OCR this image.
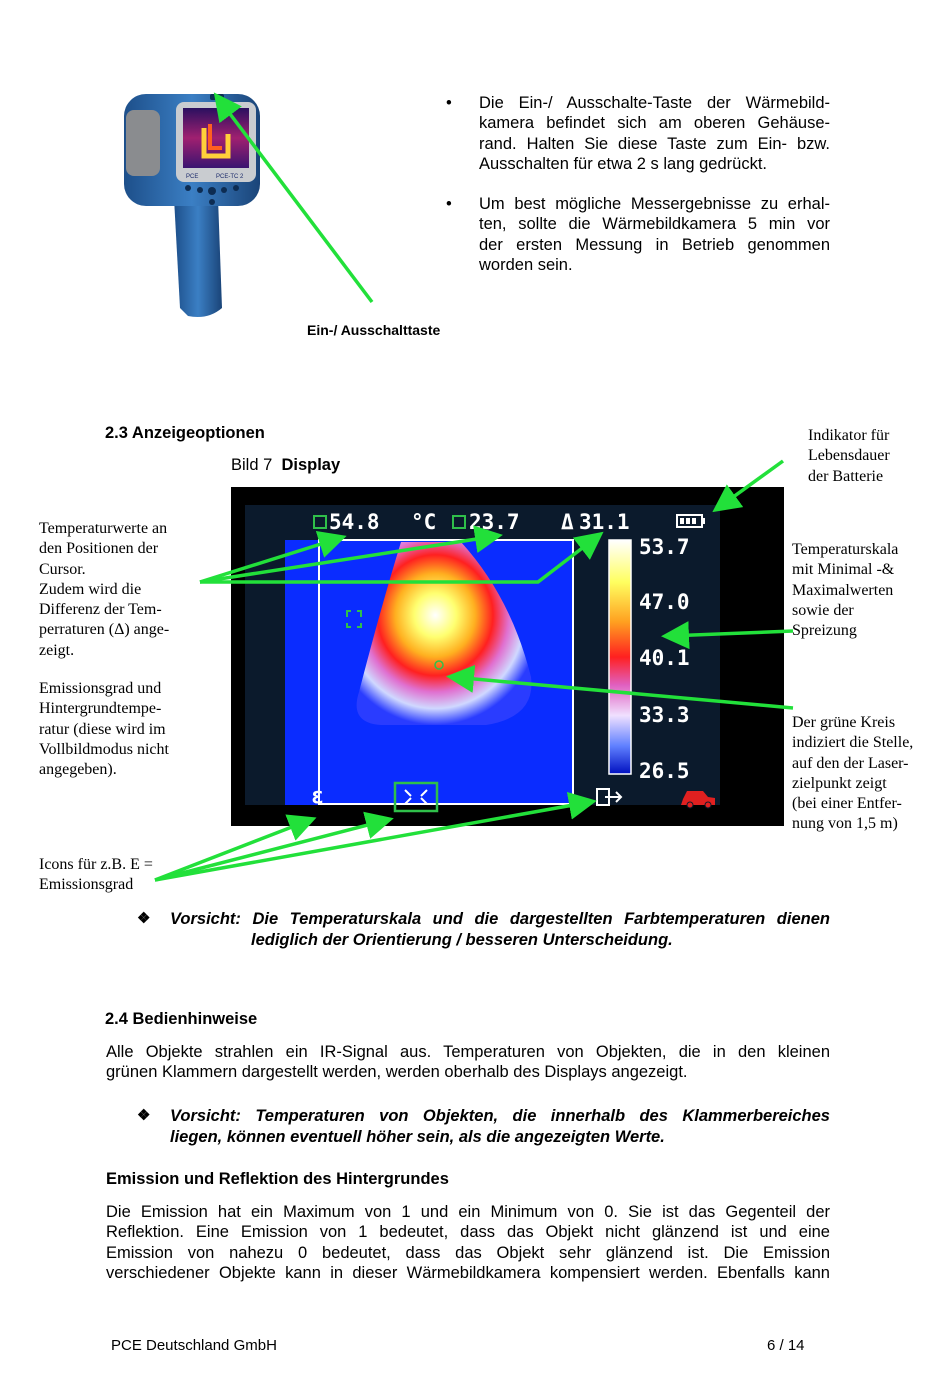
PCE-TC 2
PCE
Ein-/ Ausschalttaste
• Die Ein-/ Ausschalte-Taste der Wärmebild-
kamera befindet sich am oberen Gehäuse-
rand. Halten Sie diese Taste zum Ein- bzw.
Ausschalten für etwa 2 s lang gedrückt.
• Um best mögliche Messergebnisse zu erhal-
ten, sollte die Wärmebildkamera 5 min vor
der ersten Messung in Betrieb genommen
worden sein.
2.3 Anzeigeoptionen
Bild 7 Display
Indikator für
Lebensdauer
der Batterie
Temperaturwerte an
den Positionen der
Cursor.
Zudem wird die
Differenz der Tem-
perraturen (Δ) ange-
zeigt.
Emissionsgrad und
Hintergrundtempe-
ratur (diese wird im
Vollbildmodus nicht
angegeben).
Temperaturskala
mit Minimal -&
Maximalwerten
sowie der
Spreizung
Der grüne Kreis
indiziert die Stelle,
auf den der Laser-
zielpunkt zeigt
(bei einer Entfer-
nung von 1,5 m)
Icons für z.B. E =
Emissionsgrad
54.8 °C 23.7 Δ 31.1
53.7
47.0
40.1
33.3
26.5
ε
❖ Vorsicht: Die Temperaturskala und die dargestellten Farbtemperaturen dienen
lediglich der Orientierung / besseren Unterscheidung.
2.4 Bedienhinweise
Alle Objekte strahlen ein IR-Signal aus. Temperaturen von Objekten, die in den kleinen
grünen Klammern dargestellt werden, werden oberhalb des Displays angezeigt.
❖ Vorsicht: Temperaturen von Objekten, die innerhalb des Klammerbereiches
liegen, können eventuell höher sein, als die angezeigten Werte.
Emission und Reflektion des Hintergrundes
Die Emission hat ein Maximum von 1 und ein Minimum von 0. Sie ist das Gegenteil der
Reflektion. Eine Emission von 1 bedeutet, dass das Objekt nicht glänzend ist und eine
Emission von nahezu 0 bedeutet, dass das Objekt sehr glänzend ist. Die Emission
verschiedener Objekte kann in dieser Wärmebildkamera kompensiert werden. Ebenfalls kann
PCE Deutschland GmbH	6 / 14
